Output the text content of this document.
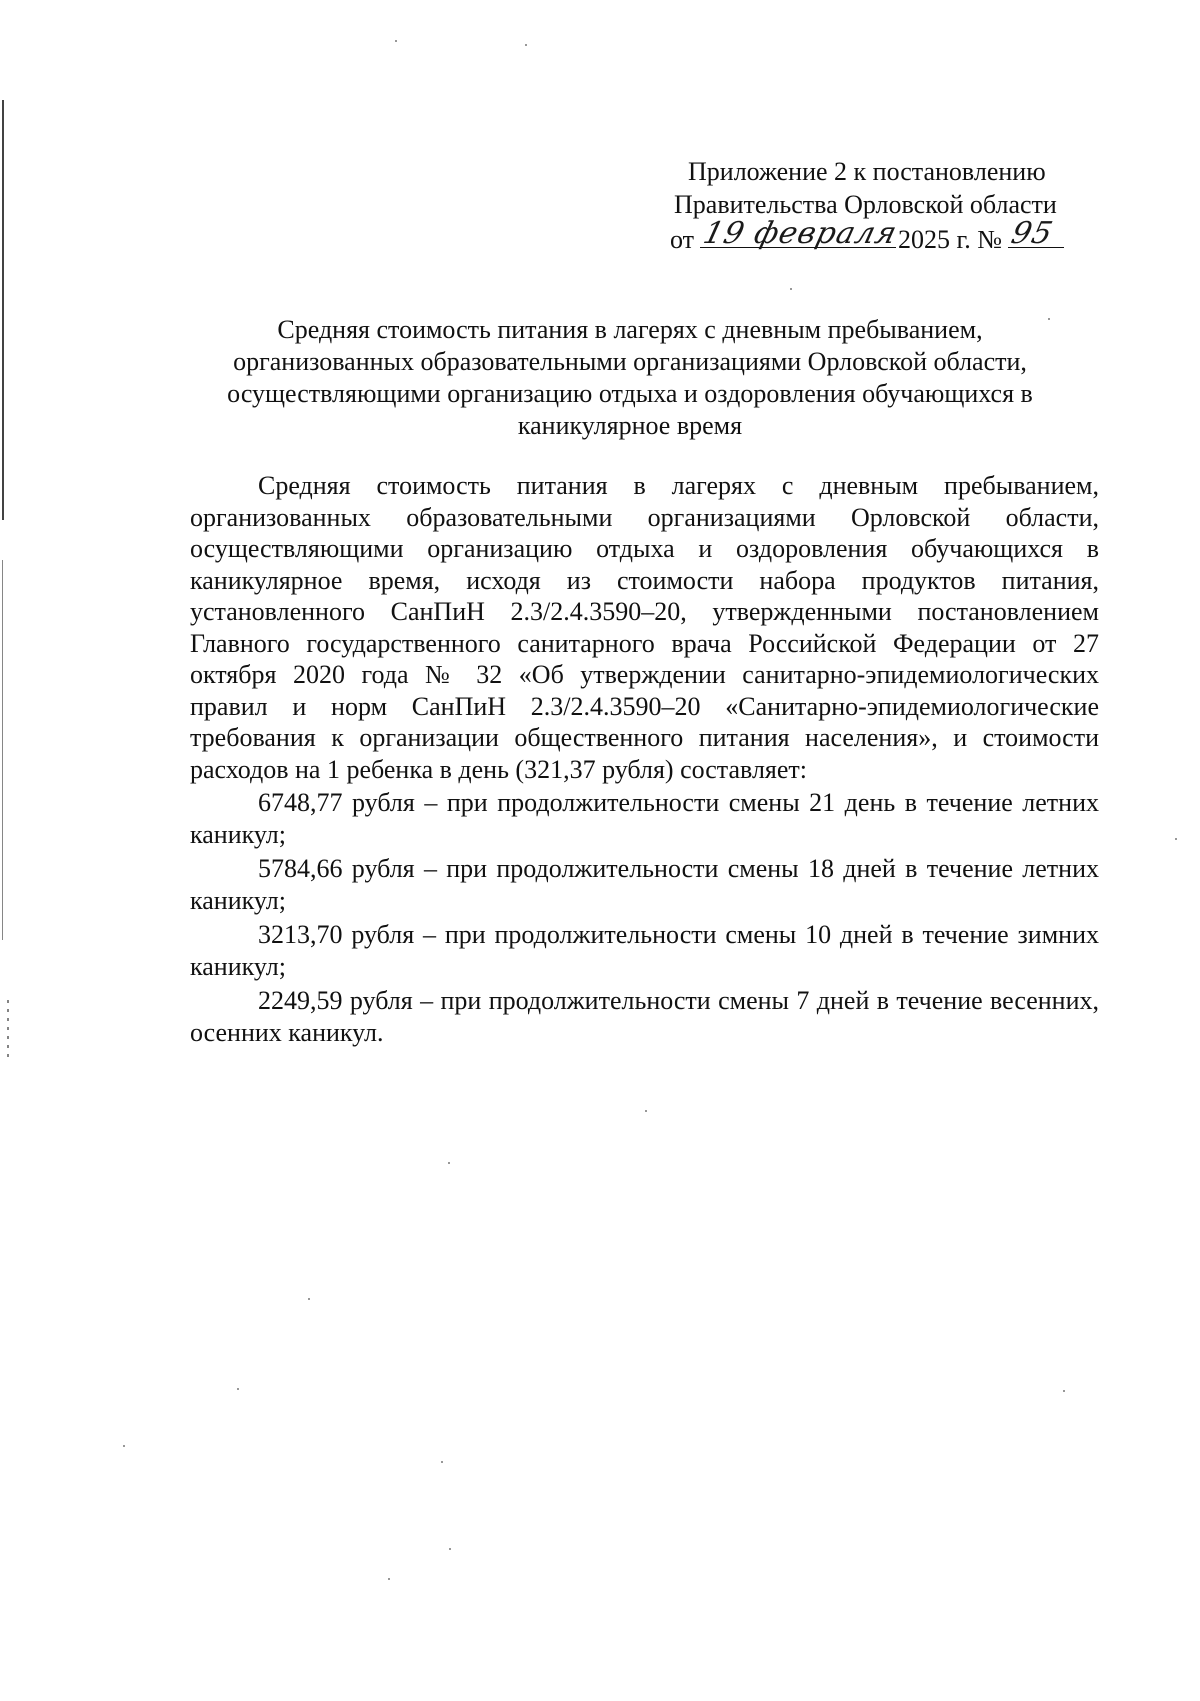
Приложение 2 к постановлению
Правительства Орловской области
от 19 февраля
2025 г. № 95
Средняя стоимость питания в лагерях с дневным пребыванием, организованных образовательными организациями Орловской области, осуществляющими организацию отдыха и оздоровления обучающихся в каникулярное время

Средняя стоимость питания в лагерях с дневным пребыванием, организованных образовательными организациями Орловской области, осуществляющими организацию отдыха и оздоровления обучающихся в каникулярное время, исходя из стоимости набора продуктов питания, установленного СанПиН 2.3/2.4.3590–20, утвержденными постановлением Главного государственного санитарного врача Российской Федерации от 27 октября 2020 года № 32 «Об утверждении санитарно-эпидемиологических правил и норм СанПиН 2.3/2.4.3590–20 «Санитарно-эпидемиологические требования к организации общественного питания населения», и стоимости расходов на 1 ребенка в день (321,37 рубля) составляет:

6748,77 рубля – при продолжительности смены 21 день в течение летних каникул;

5784,66 рубля – при продолжительности смены 18 дней в течение летних каникул;

3213,70 рубля – при продолжительности смены 10 дней в течение зимних каникул;

2249,59 рубля – при продолжительности смены 7 дней в течение весенних, осенних каникул.
